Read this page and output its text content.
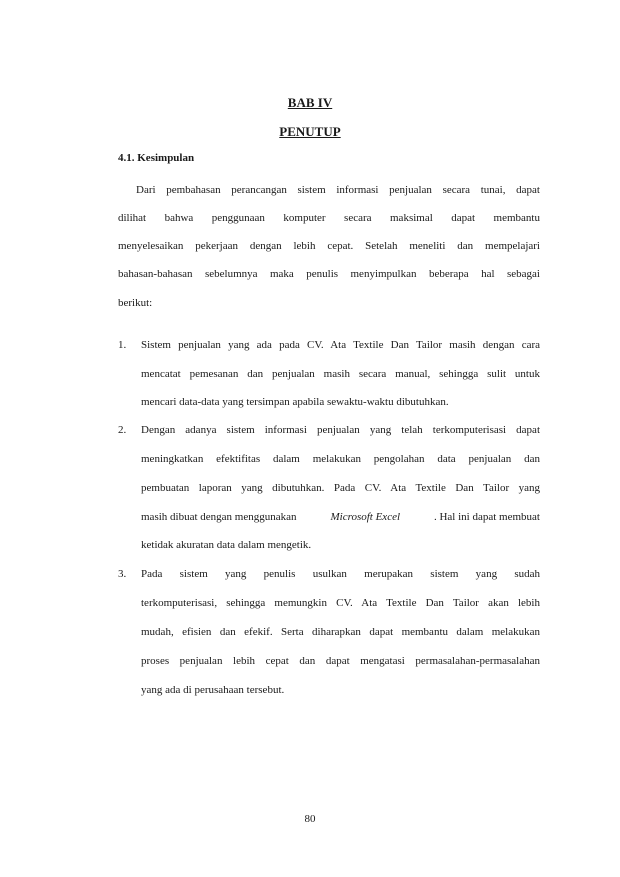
BAB IV
PENUTUP
4.1. Kesimpulan
Dari pembahasan perancangan sistem informasi penjualan secara tunai, dapat
dilihat bahwa penggunaan komputer secara maksimal dapat membantu
menyelesaikan pekerjaan dengan lebih cepat. Setelah meneliti dan mempelajari
bahasan-bahasan sebelumnya maka penulis menyimpulkan beberapa hal sebagai
berikut:
1. Sistem penjualan yang ada pada CV. Ata Textile Dan Tailor masih dengan cara
mencatat pemesanan dan penjualan masih secara manual, sehingga sulit untuk
mencari data-data yang tersimpan apabila sewaktu-waktu dibutuhkan.
2. Dengan adanya sistem informasi penjualan yang telah terkomputerisasi dapat
meningkatkan efektifitas dalam melakukan pengolahan data penjualan dan
pembuatan laporan yang dibutuhkan. Pada CV. Ata Textile Dan Tailor yang
masih dibuat dengan menggunakan	Microsoft Excel	. Hal ini dapat membuat
ketidak akuratan data dalam mengetik.
3. Pada sistem yang penulis usulkan merupakan sistem yang sudah
terkomputerisasi, sehingga memungkin CV. Ata Textile Dan Tailor akan lebih
mudah, efisien dan efekif. Serta diharapkan dapat membantu dalam melakukan
proses penjualan lebih cepat dan dapat mengatasi permasalahan-permasalahan
yang ada di perusahaan tersebut.
80
